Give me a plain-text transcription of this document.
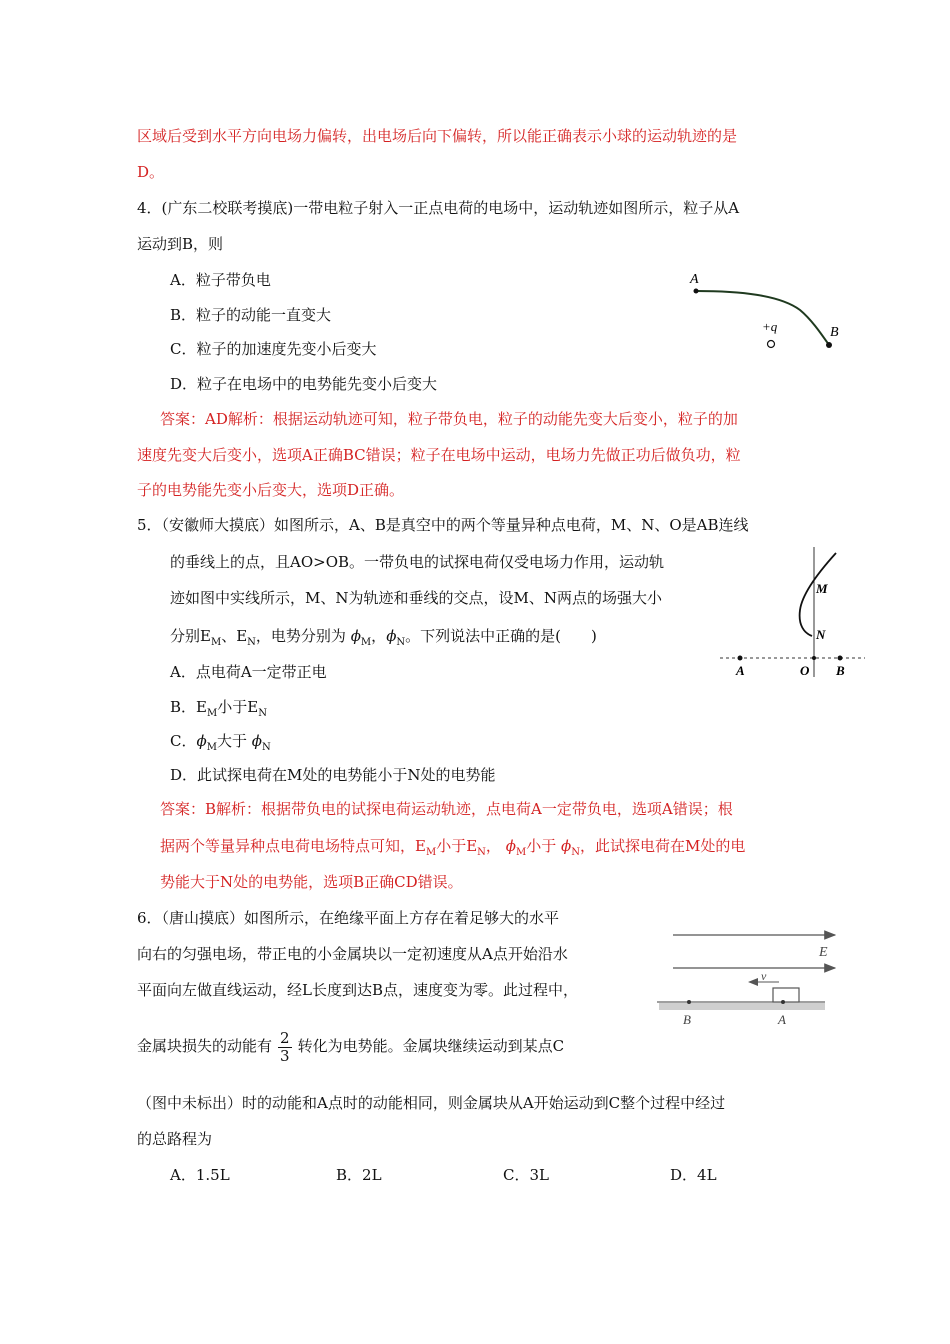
区域后受到水平方向电场力偏转，出电场后向下偏转，所以能正确表示小球的运动轨迹的是
D。
4．(广东二校联考摸底)一带电粒子射入一正点电荷的电场中，运动轨迹如图所示，粒子从A
运动到B，则
A．粒子带负电
B．粒子的动能一直变大
C．粒子的加速度先变小后变大
D．粒子在电场中的电势能先变小后变大
答案：AD解析：根据运动轨迹可知，粒子带负电，粒子的动能先变大后变小，粒子的加
速度先变大后变小，选项A正确BC错误；粒子在电场中运动，电场力先做正功后做负功，粒
子的电势能先变小后变大，选项D正确。
A
+q	B
5．（安徽师大摸底）如图所示，A、B是真空中的两个等量异种点电荷，M、N、O是AB连线
的垂线上的点，且AO>OB。一带负电的试探电荷仅受电场力作用，运动轨
迹如图中实线所示，M、N为轨迹和垂线的交点，设M、N两点的场强大小
分别$E_M$、$E_N$，电势分别为 $\phi_M$，$\phi_N$。下列说法中正确的是(　　)
A．点电荷A一定带正电
B．$E_M$小于$E_N$
C．$\phi_M$大于 $\phi_N$
D．此试探电荷在M处的电势能小于N处的电势能
答案：B解析：根据带负电的试探电荷运动轨迹，点电荷A一定带负电，选项A错误；根
据两个等量异种点电荷电场特点可知，$E_M$小于$E_N$， $\phi_M$小于 $\phi_N$，此试探电荷在M处的电
势能大于N处的电势能，选项B正确CD错误。
M
N
A	O B
6．（唐山摸底）如图所示，在绝缘平面上方存在着足够大的水平
向右的匀强电场，带正电的小金属块以一定初速度从A点开始沿水
平面向左做直线运动，经L长度到达B点，速度变为零。此过程中，
金属块损失的动能有 $\frac{2}{3}$ 转化为电势能。金属块继续运动到某点C
（图中未标出）时的动能和A点时的动能相同，则金属块从A开始运动到C整个过程中经过
的总路程为
A．1.5L	B．2L	C．3L	D．4L
E
v
B	A
